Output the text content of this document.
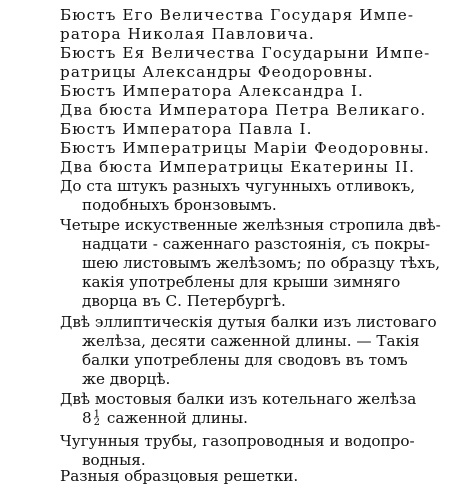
Бюстъ Его Величества Государя Импе-
ратора Николая Павловича.

Бюстъ Ея Величества Государыни Импе-
ратрицы Александры Феодоровны.

Бюстъ Императора Александра I.

Два бюста Императора Петра Великаго.

Бюстъ Императора Павла I.

Бюстъ Императрицы Маріи Феодоровны.

Два бюста Императрицы Екатерины II.

До ста штукъ разныхъ чугунныхъ отливокъ,
подобныхъ бронзовымъ.

Четыре искуственные желѣзныя стропила двѣ-
надцати - саженнаго разстоянія, съ покры-
шею листовымъ желѣзомъ; по образцу тѣхъ,
какія употреблены для крыши зимняго
дворца въ С. Петербургѣ.

Двѣ эллиптическія дутыя балки изъ листоваго
желѣза, десяти саженной длины. — Такія
балки употреблены для сводовъ въ томъ
же дворцѣ.

Двѣ мостовыя балки изъ котельнаго желѣза
8 1
2 саженной длины.

Чугунныя трубы, газопроводныя и водопро-
водныя.

Разныя образцовыя решетки.
